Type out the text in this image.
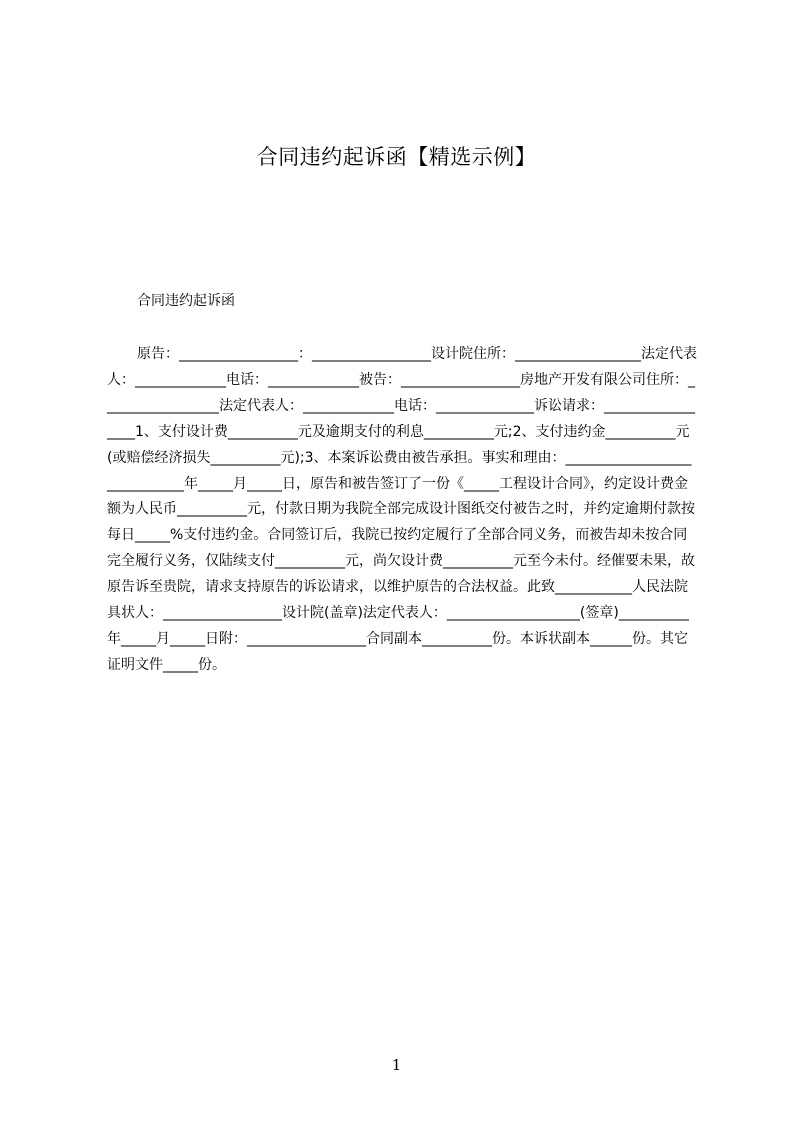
合同违约起诉函【精选示例】

合同违约起诉函

原告：_________________：_________________设计院住所：__________________法定代表人：_____________电话：_____________被告：_________________房地产开发有限公司住所：_________________法定代表人：_____________电话：______________诉讼请求：_________________1、支付设计费__________元及逾期支付的利息__________元;2、支付违约金__________元(或赔偿经济损失__________元);3、本案诉讼费由被告承担。事实和理由：_____________________________年_____月_____日，原告和被告签订了一份《_____工程设计合同》，约定设计费金额为人民币__________元，付款日期为我院全部完成设计图纸交付被告之时，并约定逾期付款按每日_____%支付违约金。合同签订后，我院已按约定履行了全部合同义务，而被告却未按合同完全履行义务，仅陆续支付__________元，尚欠设计费__________元至今未付。经催要未果，故原告诉至贵院，请求支持原告的诉讼请求，以维护原告的合法权益。此致___________人民法院具状人：_________________设计院(盖章)法定代表人：___________________(签章)__________年_____月_____日附：_________________合同副本__________份。本诉状副本______份。其它证明文件_____份。

1
